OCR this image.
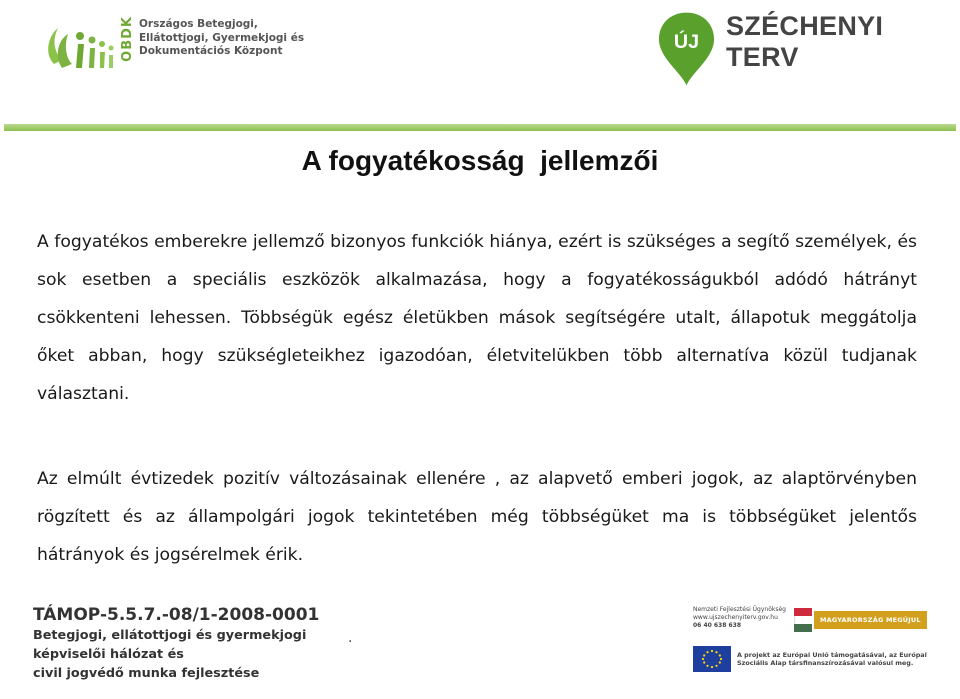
OBDK Országos Betegjogi,
Ellátottjogi, Gyermekjogi és
Dokumentációs Központ	ÚJ
SZÉCHENYI TERV
A fogyatékosság  jellemzői

A fogyatékos emberekre jellemző bizonyos funkciók hiánya, ezért is szükséges a segítő személyek, és sok esetben a speciális eszközök alkalmazása, hogy a fogyatékosságukból adódó hátrányt csökkenteni lehessen. Többségük egész életükben mások segítségére utalt, állapotuk meggátolja őket abban, hogy szükségleteikhez igazodóan, életvitelükben több alternatíva közül tudjanak választani.

Az elmúlt évtizedek pozitív változásainak ellenére , az alapvető emberi jogok, az alaptörvényben rögzített és az állampolgári jogok tekintetében még többségüket ma is többségüket jelentős hátrányok és jogsérelmek érik.

TÁMOP-5.5.7.-08/1-2008-0001
Betegjogi, ellátottjogi és gyermekjogi
képviselői hálózat és
civil jogvédő munka fejlesztése
.
Nemzeti Fejlesztési Ügynökség
www.ujszechenyiterv.gov.hu
06 40 638 638
MAGYARORSZÁG MEGÚJUL
A projekt az Európai Unió támogatásával, az Európai
Szociális Alap társfinanszírozásával valósul meg.
